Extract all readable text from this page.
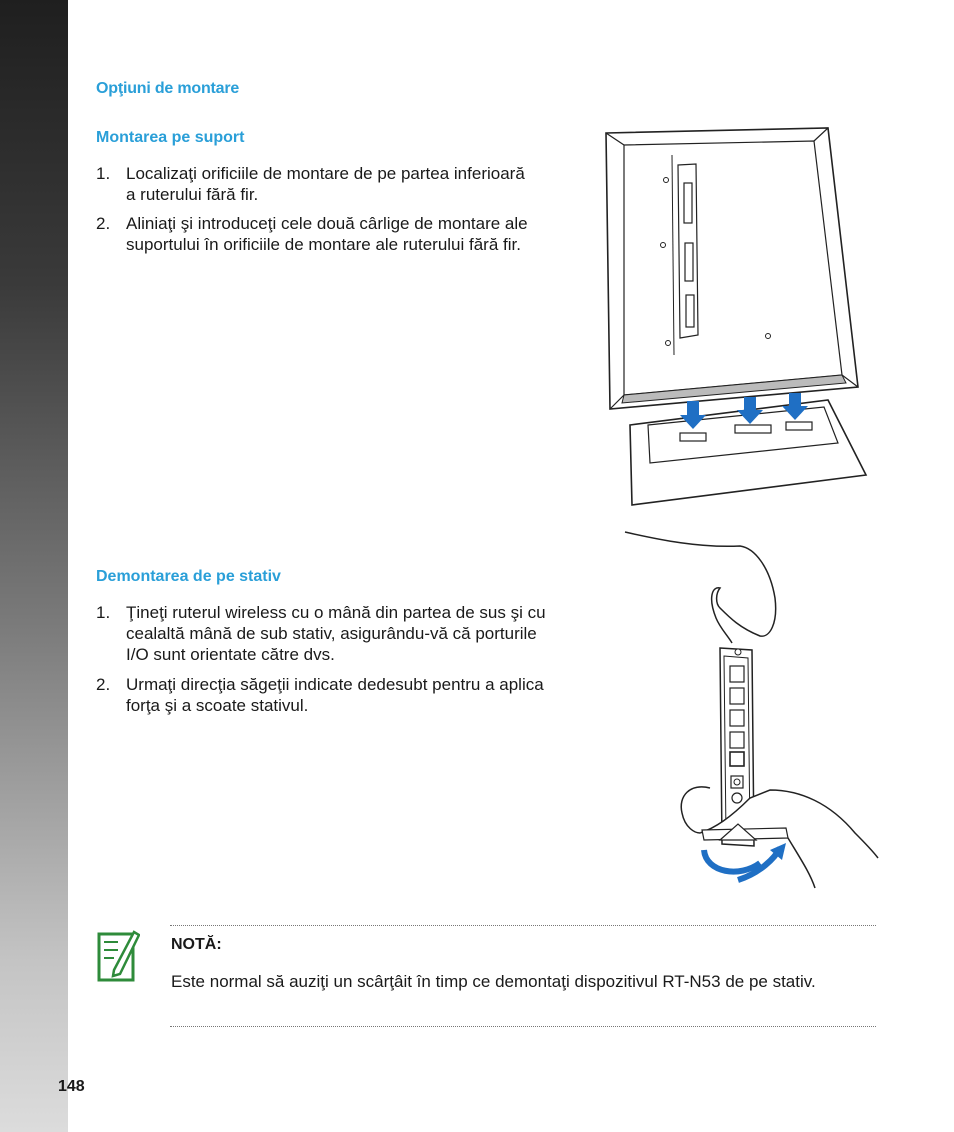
Opţiuni de montare
Montarea pe suport
1. Localizaţi orificiile de montare de pe partea inferioară
a ruterului fără fir.
2. Aliniaţi şi introduceţi cele două cârlige de montare ale
suportului în orificiile de montare ale ruterului fără fir.
Demontarea de pe stativ
1. Ţineţi ruterul wireless cu o mână din partea de sus şi cu
cealaltă mână de sub stativ, asigurându-vă că porturile
I/O sunt orientate către dvs.
2. Urmaţi direcţia săgeţii indicate dedesubt pentru a aplica
forţa şi a scoate stativul.
NOTĂ:
Este normal să auziţi un scârţâit în timp ce demontaţi dispozitivul RT-N53 de pe stativ.
148
